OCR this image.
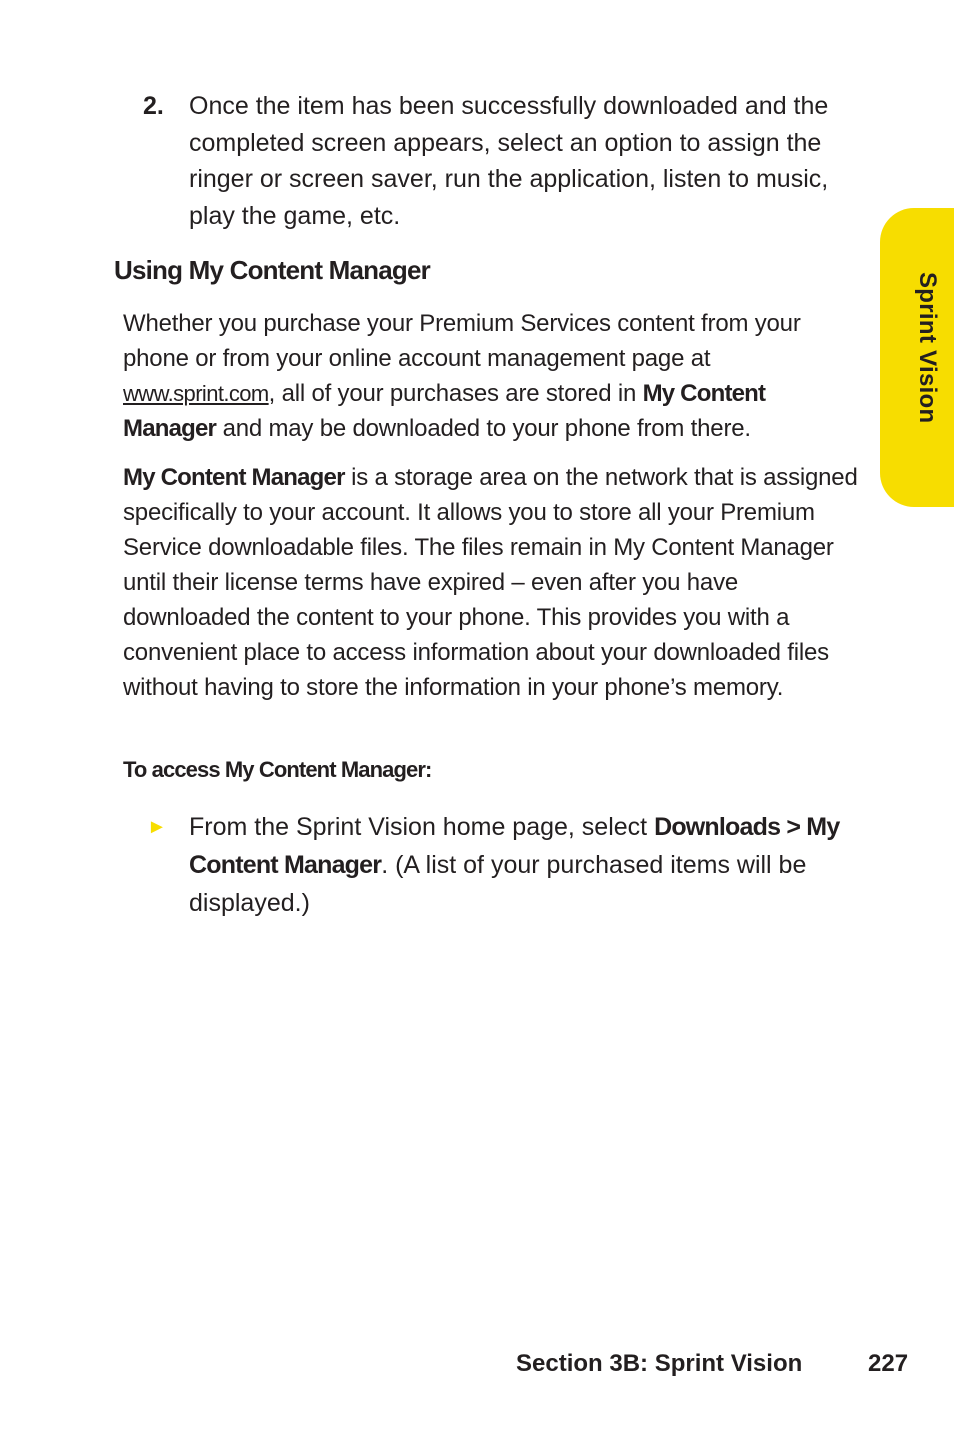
Sprint Vision
2. Once the item has been successfully downloaded and the completed screen appears, select an option to assign the ringer or screen saver, run the application, listen to music, play the game, etc.
Using My Content Manager

Whether you purchase your Premium Services content from your phone or from your online account management page at www.sprint.com, all of your purchases are stored in My Content Manager and may be downloaded to your phone from there.

My Content Manager is a storage area on the network that is assigned specifically to your account. It allows you to store all your Premium Service downloadable files. The files remain in My Content Manager until their license terms have expired – even after you have downloaded the content to your phone. This provides you with a convenient place to access information about your downloaded files without having to store the information in your phone’s memory.

To access My Content Manager:
► From the Sprint Vision home page, select Downloads > My Content Manager. (A list of your purchased items will be displayed.)
Section 3B: Sprint Vision	227
